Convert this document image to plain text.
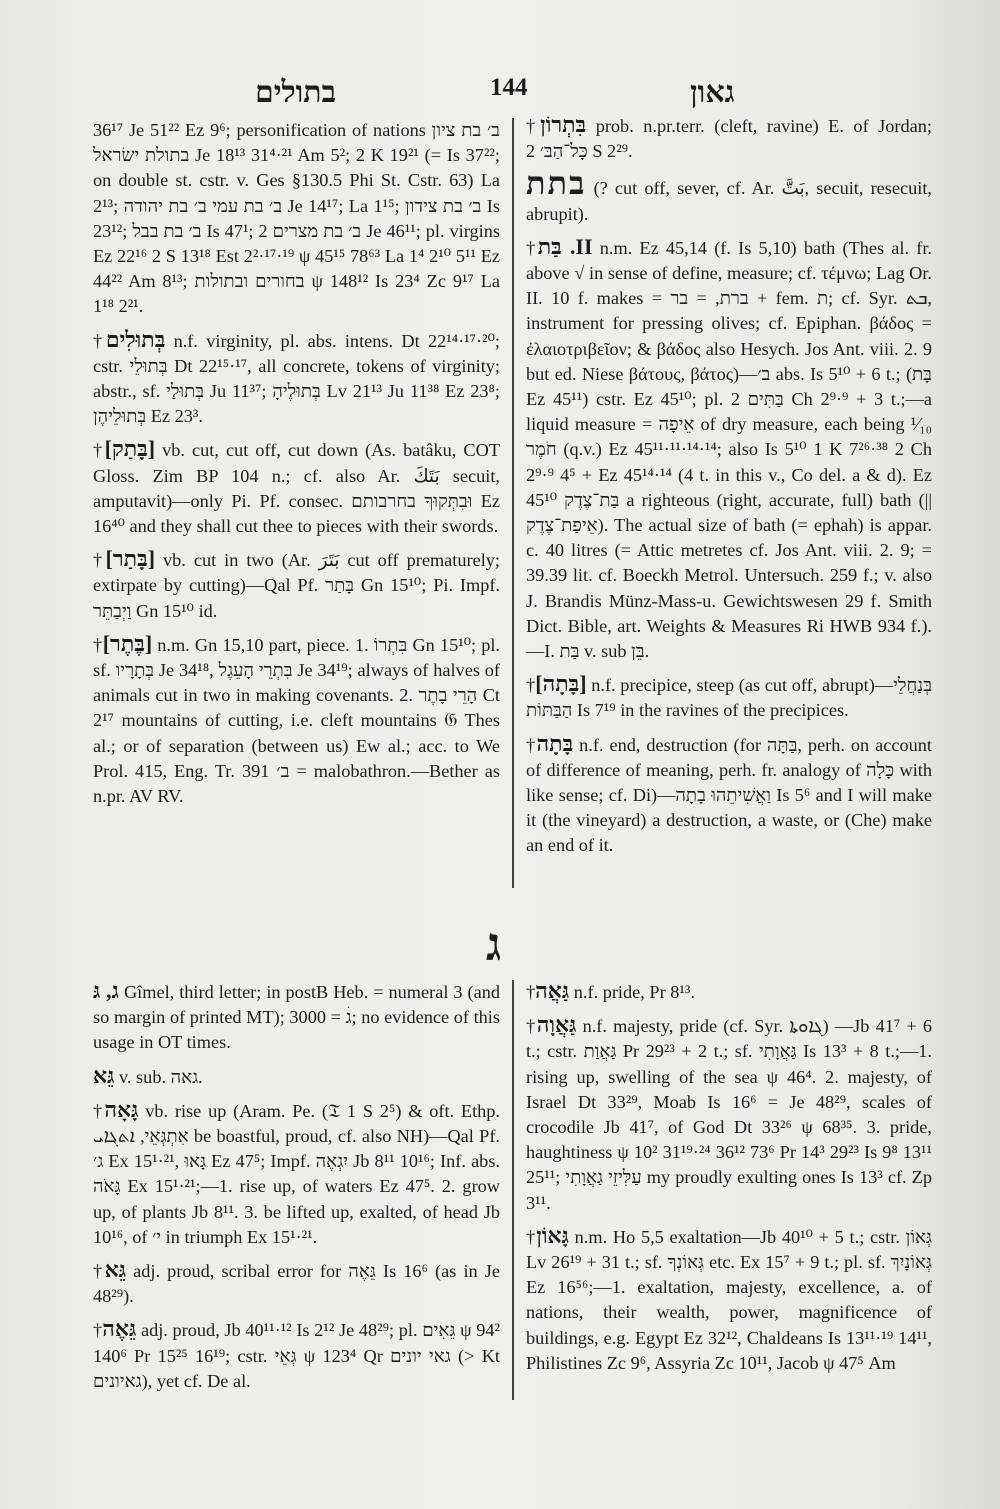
בתולים	144	גאון

36¹⁷ Je 51²² Ez 9⁶; personification of nations ב׳ בת ציון בתולת ישׂראל Je 18¹³ 31⁴·²¹ Am 5²; 2 K 19²¹ (= Is 37²²; on double st. cstr. v. Ges §130.5 Phi St. Cstr. 63) La 2¹³; ב׳ בת עמי ב׳ בת יהודה Je 14¹⁷; La 1¹⁵; ב׳ בת צידון Is 23¹²; ב׳ בת בבל Is 47¹; ב׳ בת מצרים 2 Je 46¹¹; pl. virgins Ez 22¹⁶ 2 S 13¹⁸ Est 2²·¹⁷·¹⁹ ψ 45¹⁵ 78⁶³ La 1⁴ 2¹⁰ 5¹¹ Ez 44²² Am 8¹³; בחורים ובתולות ψ 148¹² Is 23⁴ Zc 9¹⁷ La 1¹⁸ 2²¹.

†בְּתוּלִים n.f. virginity, pl. abs. intens. Dt 22¹⁴·¹⁷·²⁰; cstr. בְּתוּלֵי Dt 22¹⁵·¹⁷, all concrete, tokens of virginity; abstr., sf. בְּתוּלַי Ju 11³⁷; בְּתוּלֶיהָ Lv 21¹³ Ju 11³⁸ Ez 23⁸; בְּתוּלֵיהֶן Ez 23³.

†[בָּתַק] vb. cut, cut off, cut down (As. batâku, COT Gloss. Zim BP 104 n.; cf. also Ar. بَتَكَ secuit, amputavit)—only Pi. Pf. consec. וּבִתְּקוּךָ בחרבותם Ez 16⁴⁰ and they shall cut thee to pieces with their swords.

†[בָּתַר] vb. cut in two (Ar. بَتَرَ cut off prematurely; extirpate by cutting)—Qal Pf. בָּתַר Gn 15¹⁰; Pi. Impf. וַיְבַתֵּר Gn 15¹⁰ id.

†[בֶּתֶר] n.m. Gn 15,10 part, piece. 1. בִּתְרוֹ Gn 15¹⁰; pl. sf. בְּתָרָיו Je 34¹⁸, בִּתְרֵי הָעֵגֶל Je 34¹⁹; always of halves of animals cut in two in making covenants. 2. הָרֵי בָתֶר Ct 2¹⁷ mountains of cutting, i.e. cleft mountains 𝔊 Thes al.; or of separation (between us) Ew al.; acc. to We Prol. 415, Eng. Tr. 391 ב׳ = malobathron.—Bether as n.pr. AV RV.

†בִּתְרוֹן prob. n.pr.terr. (cleft, ravine) E. of Jordan; כָּל־הַבּ׳ 2 S 2²⁹.

בתת (? cut off, sever, cf. Ar. بَتَّ, secuit, resecuit, abrupit).

†II. בַּת n.m. Ez 45,14 (f. Is 5,10) bath (Thes al. fr. above √ in sense of define, measure; cf. τέμνω; Lag Or. II. 10 f. makes = ברת, = בר + fem. ת; cf. Syr. ܒܬ, instrument for pressing olives; cf. Epiphan. βάδος = ἐλαιοτριβεῖον; & βάδος also Hesych. Jos Ant. viii. 2. 9 but ed. Niese βάτους, βάτος)—ב׳ abs. Is 5¹⁰ + 6 t.; (בָּת Ez 45¹¹) cstr. Ez 45¹⁰; pl. בַּתִּים 2 Ch 2⁹·⁹ + 3 t.;—a liquid measure = אֵיפָה of dry measure, each being ¹⁄₁₀ חֹמֶר (q.v.) Ez 45¹¹·¹¹·¹⁴·¹⁴; also Is 5¹⁰ 1 K 7²⁶·³⁸ 2 Ch 2⁹·⁹ 4⁵ + Ez 45¹⁴·¹⁴ (4 t. in this v., Co del. a & d). Ez 45¹⁰ בַּת־צֶדֶק a righteous (right, accurate, full) bath (|| אֵיפַת־צֶדֶק). The actual size of bath (= ephah) is appar. c. 40 litres (= Attic metretes cf. Jos Ant. viii. 2. 9; = 39.39 lit. cf. Boeckh Metrol. Untersuch. 259 f.; v. also J. Brandis Münz-Mass-u. Gewichtswesen 29 f. Smith Dict. Bible, art. Weights & Measures Ri HWB 934 f.).—I. בַּת v. sub בֵּן.

†[בָּתָה] n.f. precipice, steep (as cut off, abrupt)—בְּנַחֲלֵי הַבַּתּוֹת Is 7¹⁹ in the ravines of the precipices.

†בָּתָה n.f. end, destruction (for בַּתָּה, perh. on account of difference of meaning, perh. fr. analogy of כָּלָה with like sense; cf. Di)—וַאֲשִׁיתֵהוּ בָתָה Is 5⁶ and I will make it (the vineyard) a destruction, a waste, or (Che) make an end of it.

ג

ג, גּ Gîmel, third letter; in postB Heb. = numeral 3 (and so margin of printed MT); גׄ = 3000; no evidence of this usage in OT times.

גֵּא v. sub. גאה.

†גָּאָה vb. rise up (Aram. Pe. (𝔗 1 S 2⁵) & oft. Ethp. אִתְגְּאֵי, ܐܬܓܐܝ be boastful, proud, cf. also NH)—Qal Pf. ג׳ Ex 15¹·²¹, גָּאוּ Ez 47⁵; Impf. יִגְאֶה Jb 8¹¹ 10¹⁶; Inf. abs. גָּאֹה Ex 15¹·²¹;—1. rise up, of waters Ez 47⁵. 2. grow up, of plants Jb 8¹¹. 3. be lifted up, exalted, of head Jb 10¹⁶, of י׳ in triumph Ex 15¹·²¹.

†גֵּא adj. proud, scribal error for גֵּאֶה Is 16⁶ (as in Je 48²⁹).

†גֵּאֶה adj. proud, Jb 40¹¹·¹² Is 2¹² Je 48²⁹; pl. גֵּאִים ψ 94² 140⁶ Pr 15²⁵ 16¹⁹; cstr. גְּאֵי ψ 123⁴ Qr גאי יונים (> Kt גאיונים), yet cf. De al.

†גַּאֲה n.f. pride, Pr 8¹³.

†גַּאֲוָה n.f. majesty, pride (cf. Syr. ܓܐܘܬܐ) —Jb 41⁷ + 6 t.; cstr. גַּאֲוַת Pr 29²³ + 2 t.; sf. גַּאֲוָתִי Is 13³ + 8 t.;—1. rising up, swelling of the sea ψ 46⁴. 2. majesty, of Israel Dt 33²⁹, Moab Is 16⁶ = Je 48²⁹, scales of crocodile Jb 41⁷, of God Dt 33²⁶ ψ 68³⁵. 3. pride, haughtiness ψ 10² 31¹⁹·²⁴ 36¹² 73⁶ Pr 14³ 29²³ Is 9⁸ 13¹¹ 25¹¹; עַלִּיזֵי גַאֲוָתִי my proudly exulting ones Is 13³ cf. Zp 3¹¹.

†גָּאוֹן n.m. Ho 5,5 exaltation—Jb 40¹⁰ + 5 t.; cstr. גְּאוֹן Lv 26¹⁹ + 31 t.; sf. גְּאוֹנְךָ etc. Ex 15⁷ + 9 t.; pl. sf. גְּאוֹנָיִךְ Ez 16⁵⁶;—1. exaltation, majesty, excellence, a. of nations, their wealth, power, magnificence of buildings, e.g. Egypt Ez 32¹², Chaldeans Is 13¹¹·¹⁹ 14¹¹, Philistines Zc 9⁶, Assyria Zc 10¹¹, Jacob ψ 47⁵ Am
